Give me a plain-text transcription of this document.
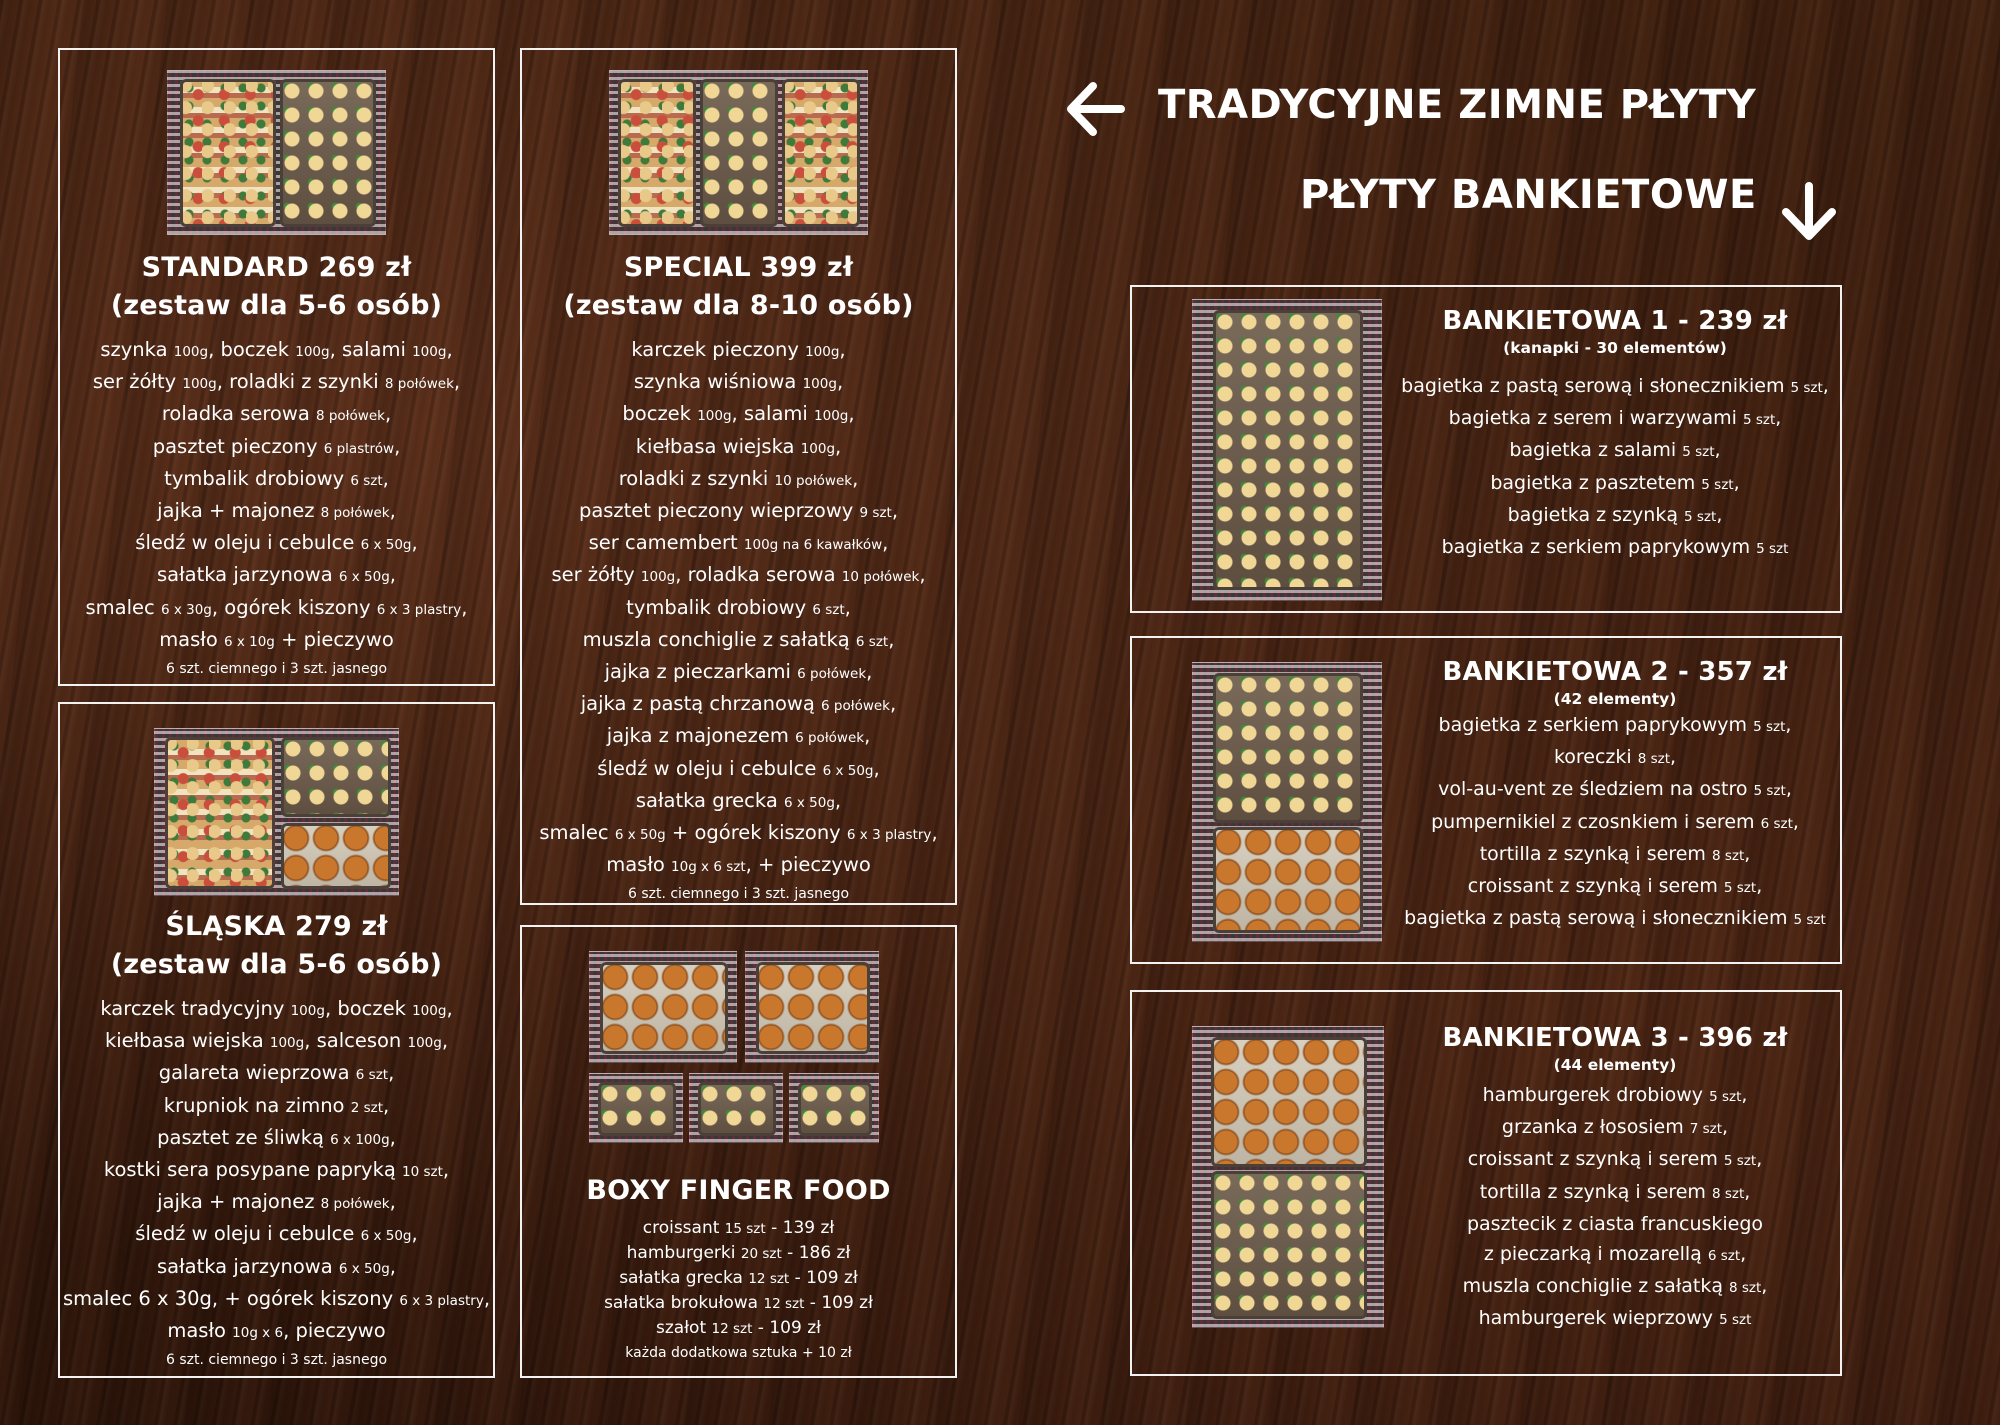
TRADYCYJNE ZIMNE PŁYTY
PŁYTY BANKIETOWE
STANDARD 269 zł
(zestaw dla 5-6 osób)
szynka 100g, boczek 100g, salami 100g,
ser żółty 100g, roladki z szynki 8 połówek,
roladka serowa 8 połówek,
pasztet pieczony 6 plastrów,
tymbalik drobiowy 6 szt,
jajka + majonez 8 połówek,
śledź w oleju i cebulce 6 x 50g,
sałatka jarzynowa 6 x 50g,
smalec 6 x 30g, ogórek kiszony 6 x 3 plastry,
masło 6 x 10g + pieczywo
6 szt. ciemnego i 3 szt. jasnego
SPECIAL 399 zł
(zestaw dla 8-10 osób)
karczek pieczony 100g,
szynka wiśniowa 100g,
boczek 100g, salami 100g,
kiełbasa wiejska 100g,
roladki z szynki 10 połówek,
pasztet pieczony wieprzowy 9 szt,
ser camembert 100g na 6 kawałków,
ser żółty 100g, roladka serowa 10 połówek,
tymbalik drobiowy 6 szt,
muszla conchiglie z sałatką 6 szt,
jajka z pieczarkami 6 połówek,
jajka z pastą chrzanową 6 połówek,
jajka z majonezem 6 połówek,
śledź w oleju i cebulce 6 x 50g,
sałatka grecka 6 x 50g,
smalec 6 x 50g + ogórek kiszony 6 x 3 plastry,
masło 10g x 6 szt, + pieczywo
6 szt. ciemnego i 3 szt. jasnego
ŚLĄSKA 279 zł
(zestaw dla 5-6 osób)
karczek tradycyjny 100g, boczek 100g,
kiełbasa wiejska 100g, salceson 100g,
galareta wieprzowa 6 szt,
krupniok na zimno 2 szt,
pasztet ze śliwką 6 x 100g,
kostki sera posypane papryką 10 szt,
jajka + majonez 8 połówek,
śledź w oleju i cebulce 6 x 50g,
sałatka jarzynowa 6 x 50g,
smalec 6 x 30g, + ogórek kiszony 6 x 3 plastry,
masło 10g x 6, pieczywo
6 szt. ciemnego i 3 szt. jasnego
BOXY FINGER FOOD
croissant 15 szt - 139 zł
hamburgerki 20 szt - 186 zł
sałatka grecka 12 szt - 109 zł
sałatka brokułowa 12 szt - 109 zł
szałot 12 szt - 109 zł
każda dodatkowa sztuka + 10 zł
BANKIETOWA 1 - 239 zł
(kanapki - 30 elementów)
bagietka z pastą serową i słonecznikiem 5 szt,
bagietka z serem i warzywami 5 szt,
bagietka z salami 5 szt,
bagietka z pasztetem 5 szt,
bagietka z szynką 5 szt,
bagietka z serkiem paprykowym 5 szt
BANKIETOWA 2 - 357 zł
(42 elementy)
bagietka z serkiem paprykowym 5 szt,
koreczki 8 szt,
vol-au-vent ze śledziem na ostro 5 szt,
pumpernikiel z czosnkiem i serem 6 szt,
tortilla z szynką i serem 8 szt,
croissant z szynką i serem 5 szt,
bagietka z pastą serową i słonecznikiem 5 szt
BANKIETOWA 3 - 396 zł
(44 elementy)
hamburgerek drobiowy 5 szt,
grzanka z łososiem 7 szt,
croissant z szynką i serem 5 szt,
tortilla z szynką i serem 8 szt,
pasztecik z ciasta francuskiego
z pieczarką i mozarellą 6 szt,
muszla conchiglie z sałatką 8 szt,
hamburgerek wieprzowy 5 szt
